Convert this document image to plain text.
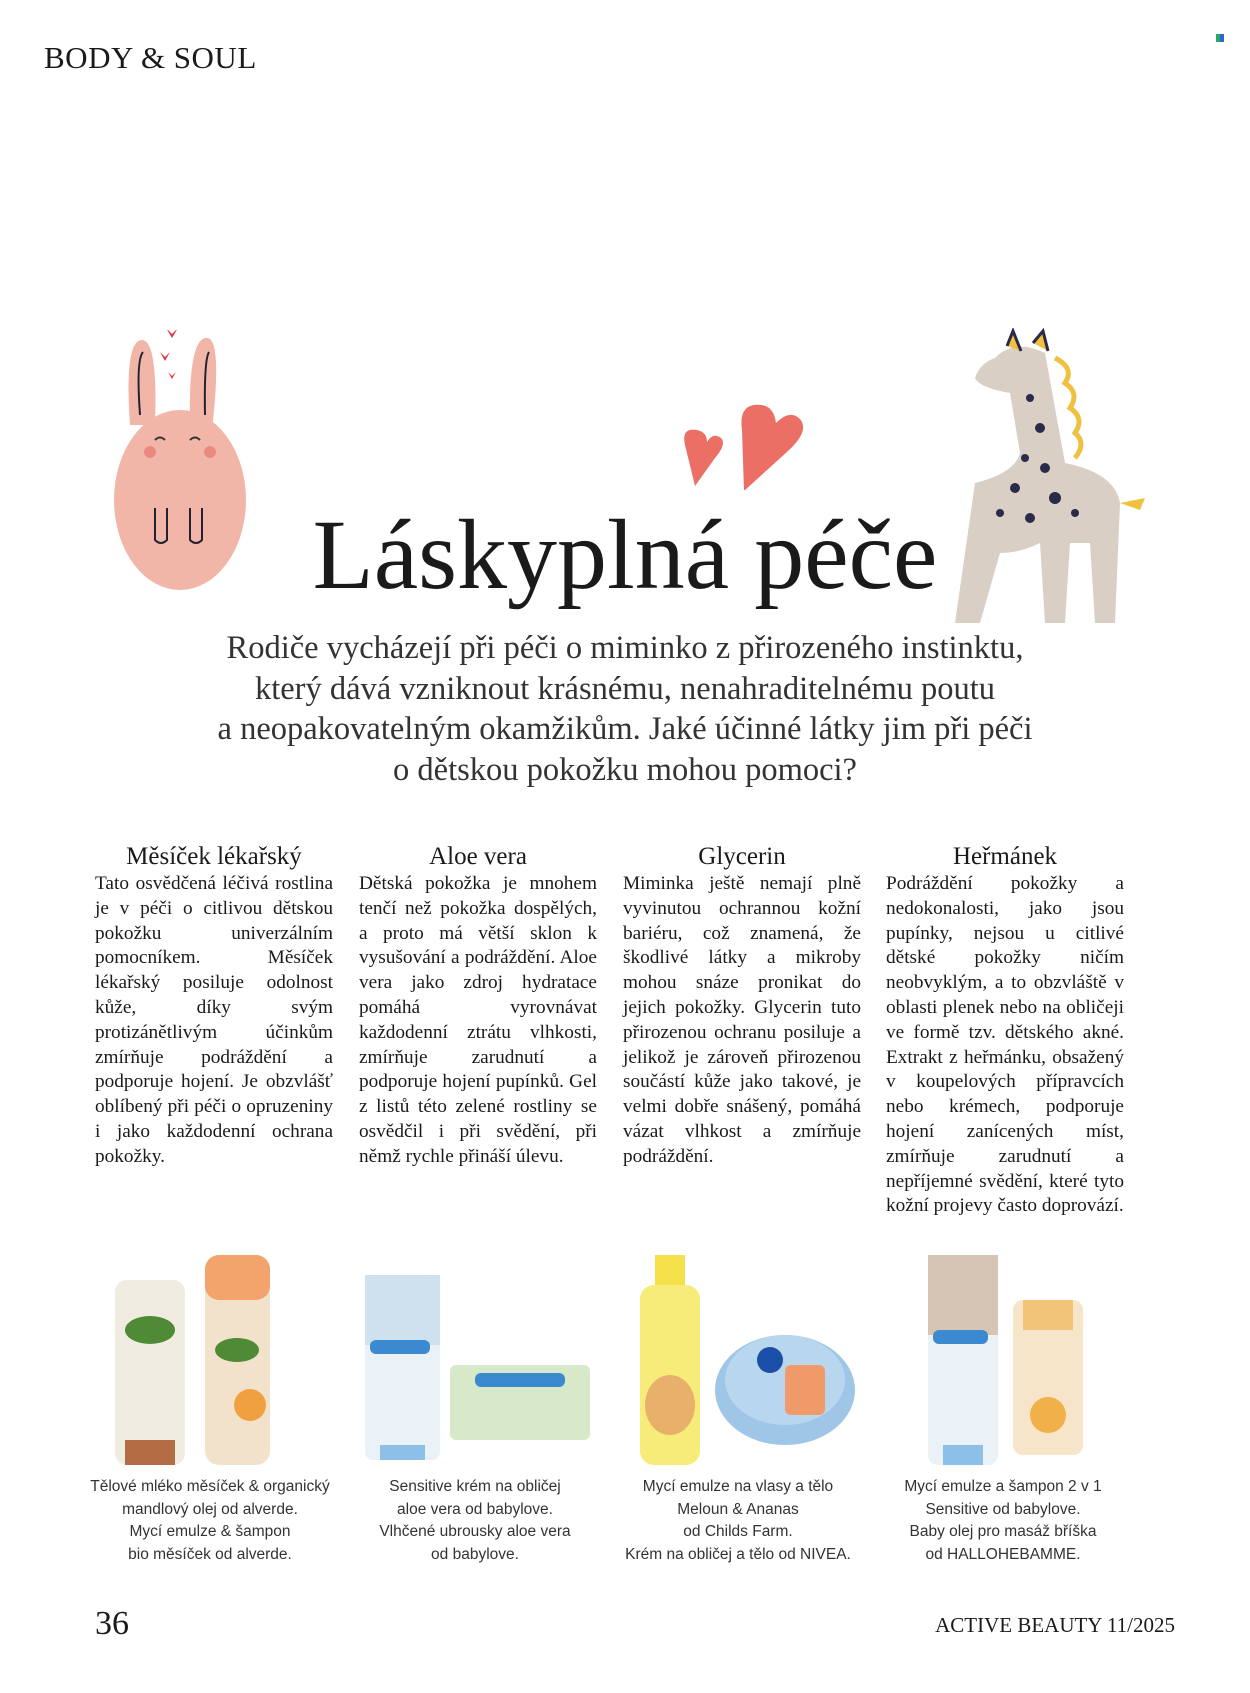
BODY & SOUL
Láskyplná péče
Rodiče vycházejí při péči o miminko z přirozeného instinktu,
který dává vzniknout krásnému, nenahraditelnému poutu
a neopakovatelným okamžikům. Jaké účinné látky jim při péči
o dětskou pokožku mohou pomoci?
Měsíček lékařský

Tato osvědčená léčivá rostlina je v péči o citlivou dětskou pokožku univerzálním pomocníkem. Měsíček lékařský posiluje odolnost kůže, díky svým protizánětlivým účinkům zmírňuje podráždění a podporuje hojení. Je obzvlášť oblíbený při péči o opruzeniny i jako každodenní ochrana pokožky.

Aloe vera

Dětská pokožka je mnohem tenčí než pokožka dospělých, a proto má větší sklon k vysušování a podráždění. Aloe vera jako zdroj hydratace pomáhá vyrovnávat každodenní ztrátu vlhkosti, zmírňuje zarudnutí a podporuje hojení pupínků. Gel z listů této zelené rostliny se osvědčil i při svědění, při němž rychle přináší úlevu.

Glycerin

Miminka ještě nemají plně vyvinutou ochrannou kožní bariéru, což znamená, že škodlivé látky a mikroby mohou snáze pronikat do jejich pokožky. Glycerin tuto přirozenou ochranu posiluje a jelikož je zároveň přirozenou součástí kůže jako takové, je velmi dobře snášený, pomáhá vázat vlhkost a zmírňuje podráždění.

Heřmánek

Podráždění pokožky a nedokonalosti, jako jsou pupínky, nejsou u citlivé dětské pokožky ničím neobvyklým, a to obzvláště v oblasti plenek nebo na obličeji ve formě tzv. dětského akné. Extrakt z heřmánku, obsažený v koupelových přípravcích nebo krémech, podporuje hojení zanícených míst, zmírňuje zarudnutí a nepříjemné svědění, které tyto kožní projevy často doprovází.

Tělové mléko měsíček & organický
mandlový olej od alverde.
Mycí emulze & šampon
bio měsíček od alverde.
Sensitive krém na obličej
aloe vera od babylove.
Vlhčené ubrousky aloe vera
od babylove.
Mycí emulze na vlasy a tělo
Meloun & Ananas
od Childs Farm.
Krém na obličej a tělo od NIVEA.
Mycí emulze a šampon 2 v 1
Sensitive od babylove.
Baby olej pro masáž bříška
od HALLOHEBAMME.
36	ACTIVE BEAUTY 11/2025
